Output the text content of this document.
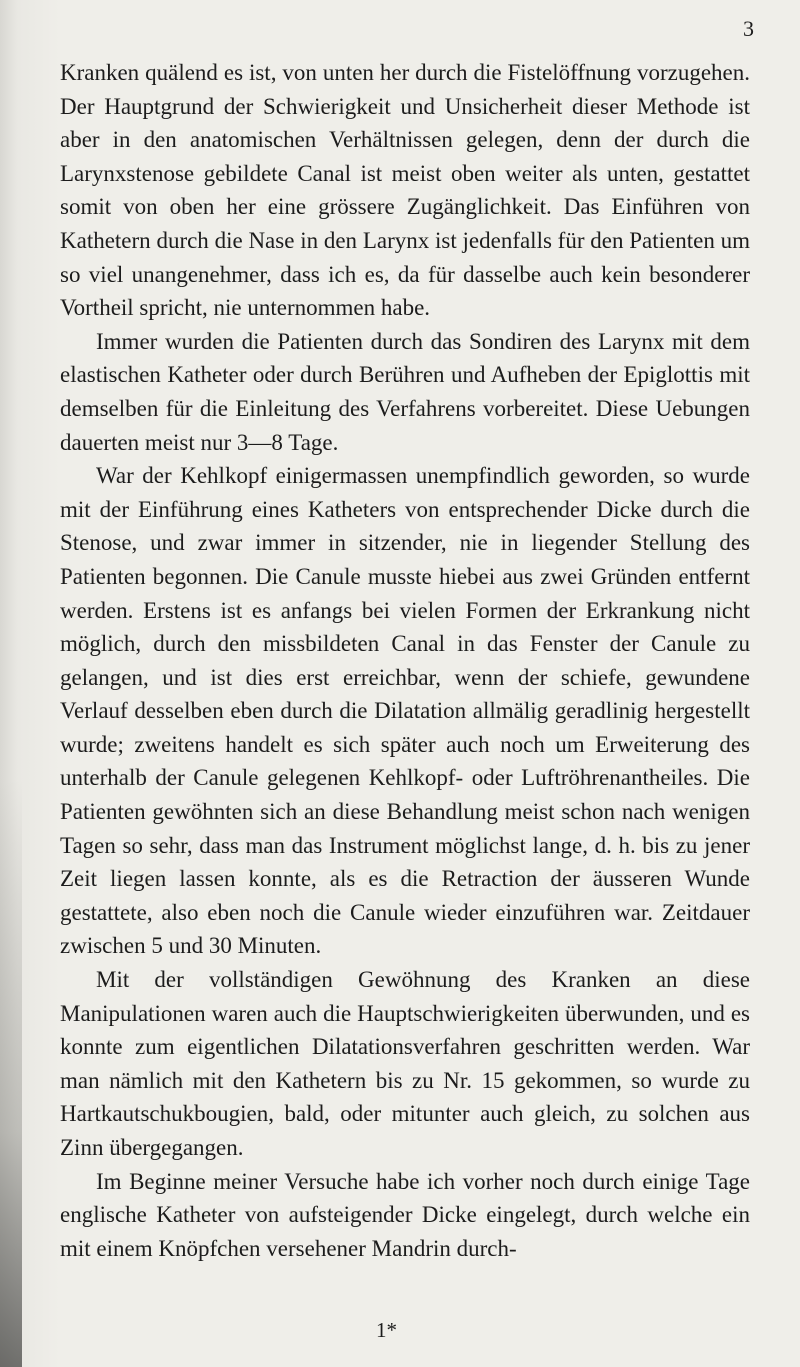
3

Kranken quälend es ist, von unten her durch die Fistelöffnung vorzugehen. Der Hauptgrund der Schwierigkeit und Unsicherheit dieser Methode ist aber in den anatomischen Verhältnissen gelegen, denn der durch die Larynxstenose gebildete Canal ist meist oben weiter als unten, gestattet somit von oben her eine grössere Zugänglichkeit. Das Einführen von Kathetern durch die Nase in den Larynx ist jedenfalls für den Patienten um so viel unangenehmer, dass ich es, da für dasselbe auch kein besonderer Vortheil spricht, nie unternommen habe.

Immer wurden die Patienten durch das Sondiren des Larynx mit dem elastischen Katheter oder durch Berühren und Aufheben der Epiglottis mit demselben für die Einleitung des Verfahrens vorbereitet. Diese Uebungen dauerten meist nur 3—8 Tage.

War der Kehlkopf einigermassen unempfindlich geworden, so wurde mit der Einführung eines Katheters von entsprechender Dicke durch die Stenose, und zwar immer in sitzender, nie in liegender Stellung des Patienten begonnen. Die Canule musste hiebei aus zwei Gründen entfernt werden. Erstens ist es anfangs bei vielen Formen der Erkrankung nicht möglich, durch den missbildeten Canal in das Fenster der Canule zu gelangen, und ist dies erst erreichbar, wenn der schiefe, gewundene Verlauf desselben eben durch die Dilatation allmälig geradlinig hergestellt wurde; zweitens handelt es sich später auch noch um Erweiterung des unterhalb der Canule gelegenen Kehlkopf- oder Luftröhrenantheiles. Die Patienten gewöhnten sich an diese Behandlung meist schon nach wenigen Tagen so sehr, dass man das Instrument möglichst lange, d. h. bis zu jener Zeit liegen lassen konnte, als es die Retraction der äusseren Wunde gestattete, also eben noch die Canule wieder einzuführen war. Zeitdauer zwischen 5 und 30 Minuten.

Mit der vollständigen Gewöhnung des Kranken an diese Manipulationen waren auch die Hauptschwierigkeiten überwunden, und es konnte zum eigentlichen Dilatationsverfahren geschritten werden. War man nämlich mit den Kathetern bis zu Nr. 15 gekommen, so wurde zu Hartkautschukbougien, bald, oder mitunter auch gleich, zu solchen aus Zinn übergegangen.

Im Beginne meiner Versuche habe ich vorher noch durch einige Tage englische Katheter von aufsteigender Dicke eingelegt, durch welche ein mit einem Knöpfchen versehener Mandrin durch-

1*
